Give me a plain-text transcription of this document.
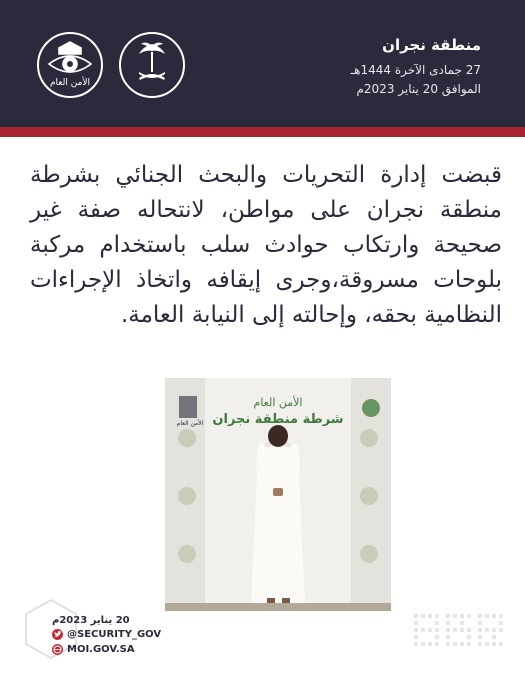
منطقة نجران
27 جمادى الآخرة 1444هـ
الموافق 20 يناير 2023م
الأمن العام
قبضت إدارة التحريات والبحث الجنائي بشرطة منطقة نجران على مواطن، لانتحاله صفة غير صحيحة وارتكاب حوادث سلب باستخدام مركبة بلوحات مسروقة،وجرى إيقافه واتخاذ الإجراءات النظامية بحقه، وإحالته إلى النيابة العامة.
الأمن العام
شرطة منطقة نجران
الأمن العام
20 يناير 2023م
@SECURITY_GOV
MOI.GOV.SA
